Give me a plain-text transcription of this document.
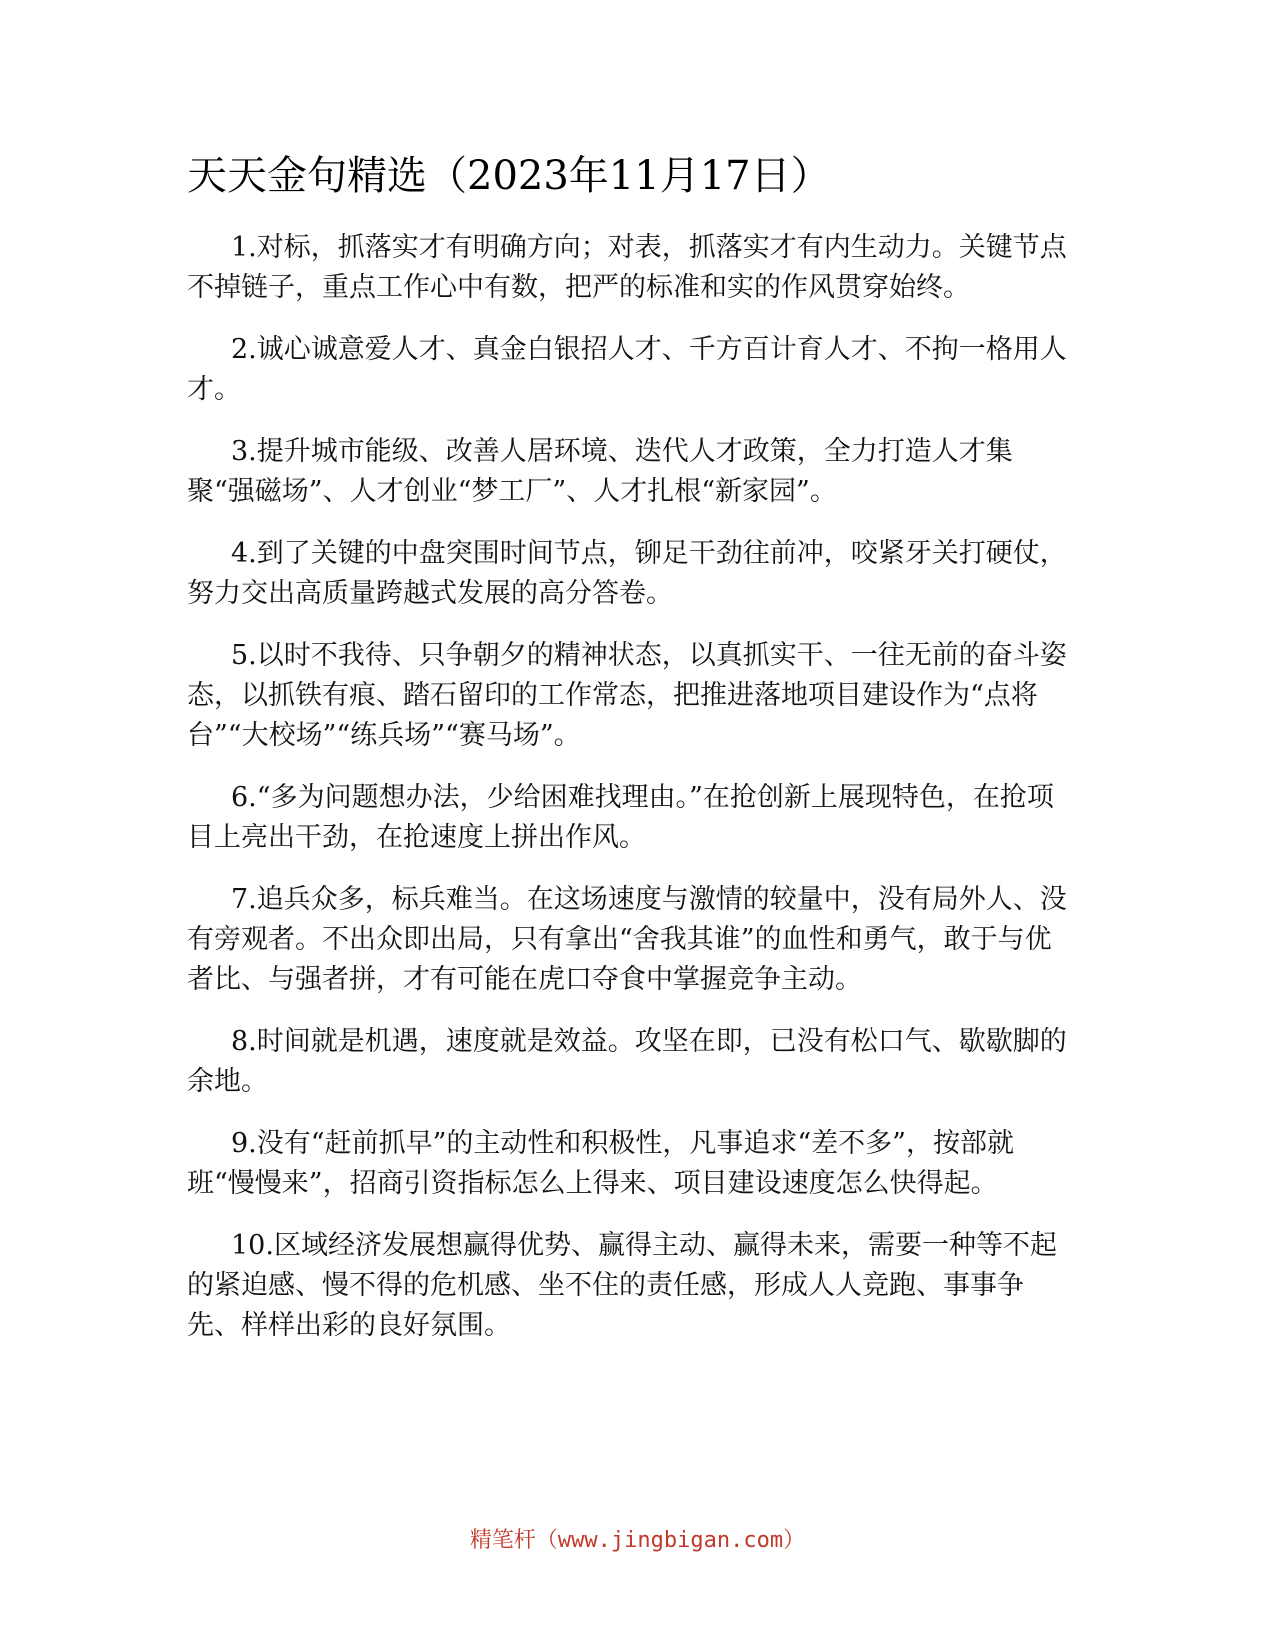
天天金句精选（2023年11月17日）

1.对标，抓落实才有明确方向；对表，抓落实才有内生动力。关键节点不掉链子，重点工作心中有数，把严的标准和实的作风贯穿始终。

2.诚心诚意爱人才、真金白银招人才、千方百计育人才、不拘一格用人才。

3.提升城市能级、改善人居环境、迭代人才政策，全力打造人才集聚“强磁场”、人才创业“梦工厂”、人才扎根“新家园”。

4.到了关键的中盘突围时间节点，铆足干劲往前冲，咬紧牙关打硬仗，努力交出高质量跨越式发展的高分答卷。

5.以时不我待、只争朝夕的精神状态，以真抓实干、一往无前的奋斗姿态，以抓铁有痕、踏石留印的工作常态，把推进落地项目建设作为“点将台”“大校场”“练兵场”“赛马场”。

6.“多为问题想办法，少给困难找理由。”在抢创新上展现特色，在抢项目上亮出干劲，在抢速度上拼出作风。

7.追兵众多，标兵难当。在这场速度与激情的较量中，没有局外人、没有旁观者。不出众即出局，只有拿出“舍我其谁”的血性和勇气，敢于与优者比、与强者拼，才有可能在虎口夺食中掌握竞争主动。

8.时间就是机遇，速度就是效益。攻坚在即，已没有松口气、歇歇脚的余地。

9.没有“赶前抓早”的主动性和积极性，凡事追求“差不多”，按部就班“慢慢来”，招商引资指标怎么上得来、项目建设速度怎么快得起。

10.区域经济发展想赢得优势、赢得主动、赢得未来，需要一种等不起的紧迫感、慢不得的危机感、坐不住的责任感，形成人人竞跑、事事争先、样样出彩的良好氛围。

精笔杆（www.jingbigan.com）
